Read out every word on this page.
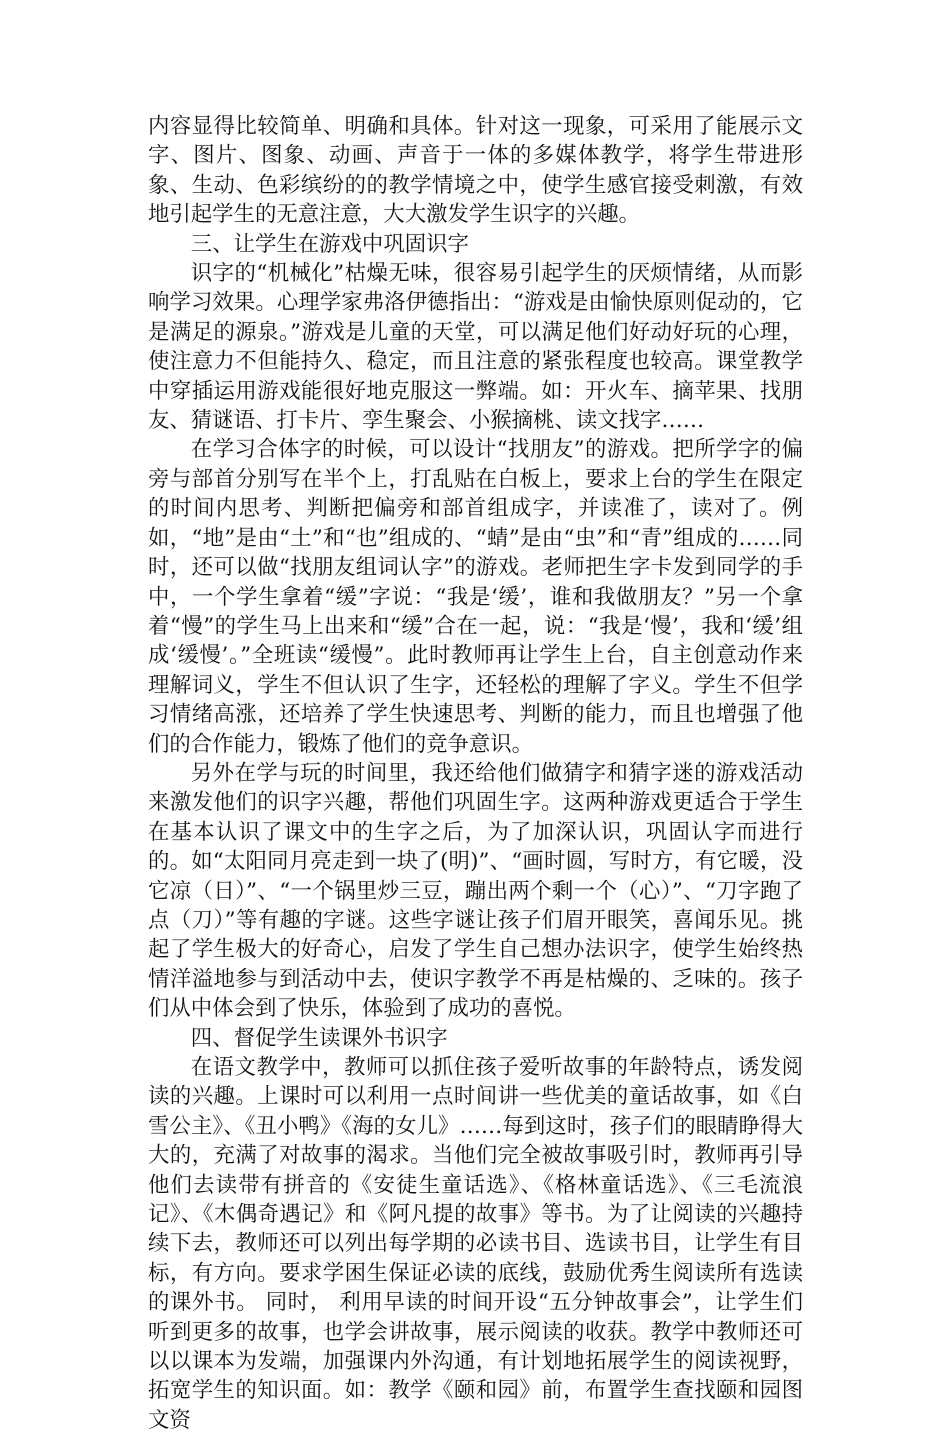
内容显得比较简单、明确和具体。针对这一现象，可采用了能展示文字、图片、图象、动画、声音于一体的多媒体教学，将学生带进形象、生动、色彩缤纷的的教学情境之中，使学生感官接受刺激，有效地引起学生的无意注意，大大激发学生识字的兴趣。

三、让学生在游戏中巩固识字

识字的“机械化”枯燥无味，很容易引起学生的厌烦情绪，从而影响学习效果。心理学家弗洛伊德指出：“游戏是由愉快原则促动的，它是满足的源泉。”游戏是儿童的天堂，可以满足他们好动好玩的心理，使注意力不但能持久、稳定，而且注意的紧张程度也较高。课堂教学中穿插运用游戏能很好地克服这一弊端。如：开火车、摘苹果、找朋友、猜谜语、打卡片、孪生聚会、小猴摘桃、读文找字……

在学习合体字的时候，可以设计“找朋友”的游戏。把所学字的偏旁与部首分别写在半个上，打乱贴在白板上，要求上台的学生在限定的时间内思考、判断把偏旁和部首组成字，并读准了，读对了。例如，“地”是由“土”和“也”组成的、“蜻”是由“虫”和“青”组成的……同时，还可以做“找朋友组词认字”的游戏。老师把生字卡发到同学的手中，一个学生拿着“缓”字说：“我是‘缓’，谁和我做朋友？”另一个拿着“慢”的学生马上出来和“缓”合在一起，说：“我是‘慢’，我和‘缓’组成‘缓慢’。”全班读“缓慢”。此时教师再让学生上台，自主创意动作来理解词义，学生不但认识了生字，还轻松的理解了字义。学生不但学习情绪高涨，还培养了学生快速思考、判断的能力，而且也增强了他们的合作能力，锻炼了他们的竞争意识。

另外在学与玩的时间里，我还给他们做猜字和猜字迷的游戏活动来激发他们的识字兴趣，帮他们巩固生字。这两种游戏更适合于学生在基本认识了课文中的生字之后，为了加深认识，巩固认字而进行的。如“太阳同月亮走到一块了(明)”、“画时圆，写时方，有它暖，没它凉（日）”、“一个锅里炒三豆，蹦出两个剩一个（心）”、“刀字跑了点（刀）”等有趣的字谜。这些字谜让孩子们眉开眼笑，喜闻乐见。挑起了学生极大的好奇心，启发了学生自己想办法识字，使学生始终热情洋溢地参与到活动中去，使识字教学不再是枯燥的、乏味的。孩子们从中体会到了快乐，体验到了成功的喜悦。

四、督促学生读课外书识字

在语文教学中，教师可以抓住孩子爱听故事的年龄特点，诱发阅读的兴趣。上课时可以利用一点时间讲一些优美的童话故事，如《白雪公主》、《丑小鸭》《海的女儿》……每到这时，孩子们的眼睛睁得大大的，充满了对故事的渴求。当他们完全被故事吸引时，教师再引导他们去读带有拼音的《安徒生童话选》、《格林童话选》、《三毛流浪记》、《木偶奇遇记》和《阿凡提的故事》等书。为了让阅读的兴趣持续下去，教师还可以列出每学期的必读书目、选读书目，让学生有目标，有方向。要求学困生保证必读的底线，鼓励优秀生阅读所有选读的课外书。 同时， 利用早读的时间开设“五分钟故事会”，让学生们听到更多的故事，也学会讲故事，展示阅读的收获。教学中教师还可以以课本为发端，加强课内外沟通，有计划地拓展学生的阅读视野，拓宽学生的知识面。如：教学《颐和园》前，布置学生查找颐和园图文资
